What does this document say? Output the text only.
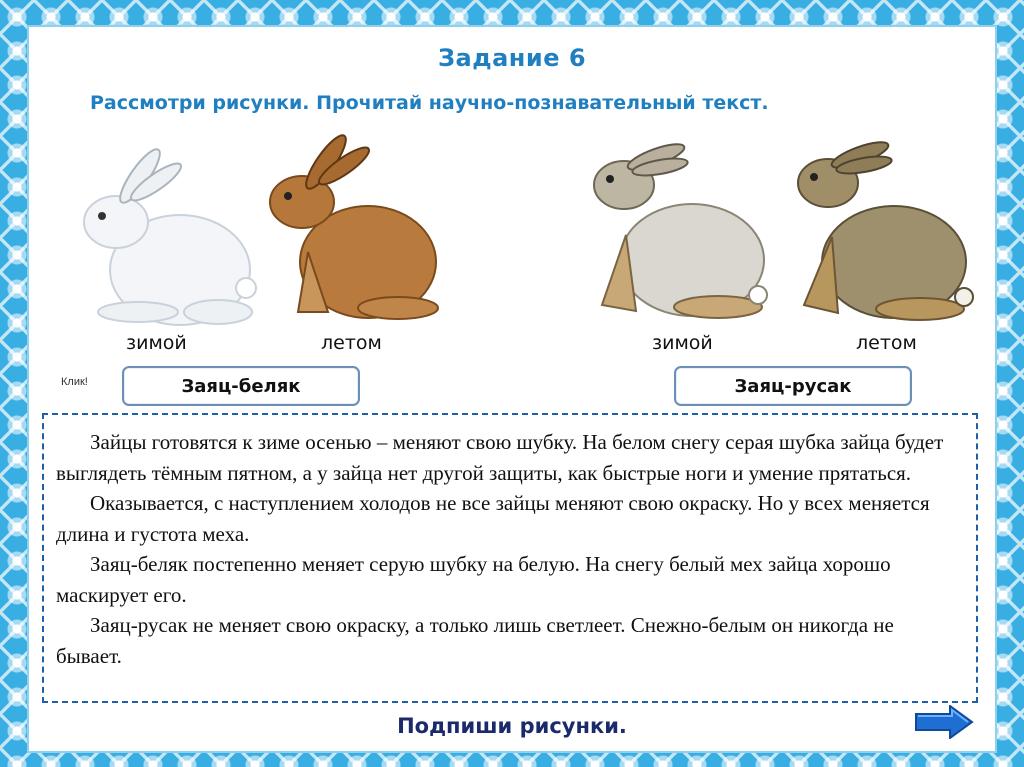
Задание 6
Рассмотри рисунки. Прочитай научно-познавательный текст.
зимой	летом	зимой	летом
Клик!	Заяц-беляк	Заяц-русак

Зайцы готовятся к зиме осенью – меняют свою шубку. На белом снегу серая шубка зайца будет выглядеть тёмным пятном, а у зайца нет другой защиты, как быстрые ноги и умение прятаться.

Оказывается, с наступлением холодов не все зайцы меняют свою окраску. Но у всех меняется длина и густота меха.

Заяц-беляк постепенно меняет серую шубку на белую. На снегу белый мех зайца хорошо маскирует его.

Заяц-русак не меняет свою окраску, а только лишь светлеет. Снежно-белым он никогда не бывает.

Подпиши рисунки.
